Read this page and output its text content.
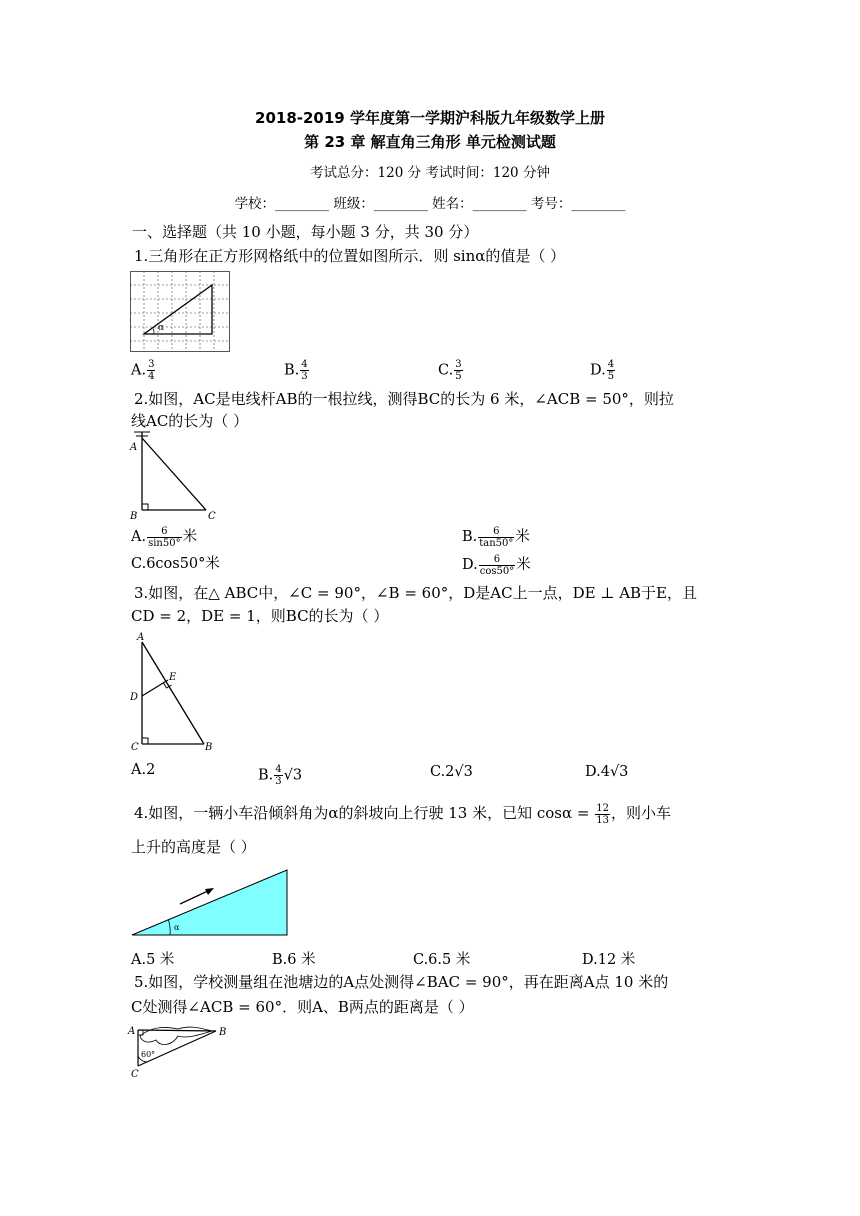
2018-2019 学年度第一学期沪科版九年级数学上册
第 23 章 解直角三角形 单元检测试题
考试总分：120 分 考试时间：120 分钟
学校：________ 班级：________ 姓名：________ 考号：________
一、选择题（共 10 小题，每小题 3 分，共 30 分）
1.三角形在正方形网格纸中的位置如图所示．则 sinα的值是（ ）
α
A. $\frac{3}{4}$	B. $\frac{4}{3}$	C. $\frac{3}{5}$	D. $\frac{4}{5}$
2.如图，AC是电线杆AB的一根拉线，测得BC的长为 6 米，∠ACB = 50°，则拉
线AC的长为（ ）
A
B	C
A. $\frac{6}{\sin 50^\circ}$ 米	B. $\frac{6}{\tan 50^\circ}$ 米
C.6cos50°米	D. $\frac{6}{\cos 50^\circ}$ 米
3.如图，在△ ABC中，∠C = 90°，∠B = 60°，D是AC上一点，DE ⊥ AB于E，且
CD = 2，DE = 1，则BC的长为（ ）
A
D
E
C	B
A.2	B. $\frac{4}{3} √3$	C.2√3	D.4√3
4.如图，一辆小车沿倾斜角为α的斜坡向上行驶 13 米，已知 $\cos\alpha = \frac{12}{13}$ ，则小车
上升的高度是（ ）
α
A.5 米	B.6 米	C.6.5 米	D.12 米
5.如图，学校测量组在池塘边的A点处测得∠BAC = 90°，再在距离A点 10 米的
C处测得∠ACB = 60°．则A、B两点的距离是（ ）
A	B
60°
C
